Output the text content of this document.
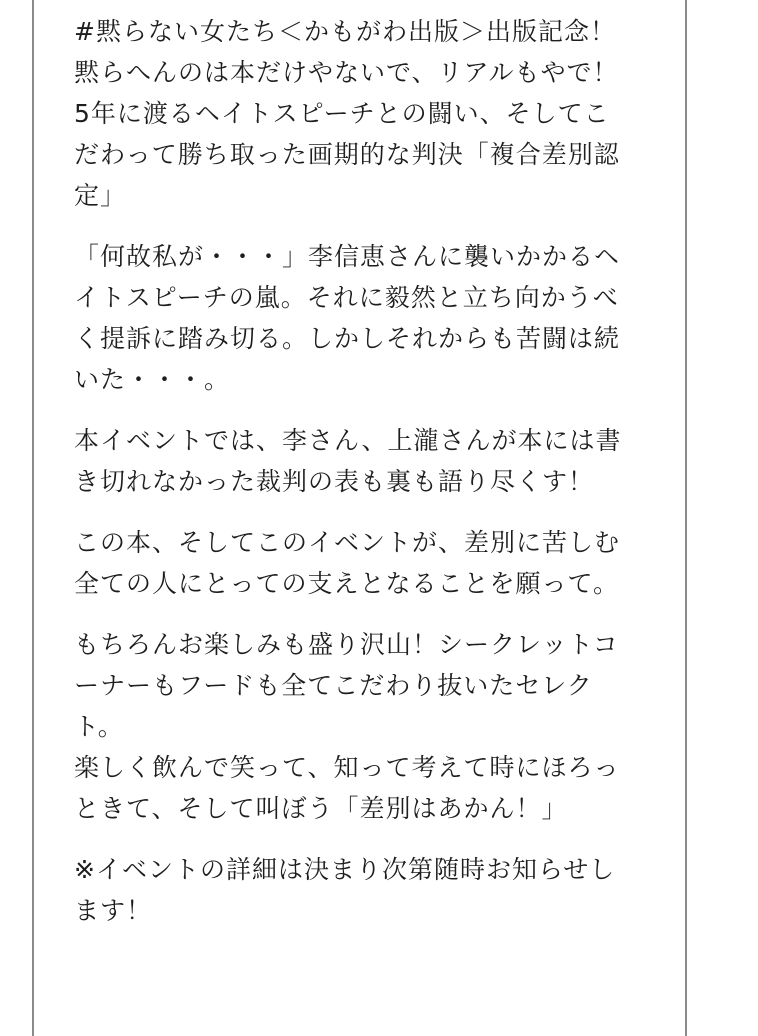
#黙らない女たち＜かもがわ出版＞出版記念！
黙らへんのは本だけやないで、リアルもやで！
5年に渡るヘイトスピーチとの闘い、そしてこ
だわって勝ち取った画期的な判決「複合差別認
定」
「何故私が・・・」李信恵さんに襲いかかるヘ
イトスピーチの嵐。それに毅然と立ち向かうべ
く提訴に踏み切る。しかしそれからも苦闘は続
いた・・・。
本イベントでは、李さん、上瀧さんが本には書
き切れなかった裁判の表も裏も語り尽くす！
この本、そしてこのイベントが、差別に苦しむ
全ての人にとっての支えとなることを願って。
もちろんお楽しみも盛り沢山！シークレットコ
ーナーもフードも全てこだわり抜いたセレク
ト。
楽しく飲んで笑って、知って考えて時にほろっ
ときて、そして叫ぼう「差別はあかん！」
※イベントの詳細は決まり次第随時お知らせし
ます！
